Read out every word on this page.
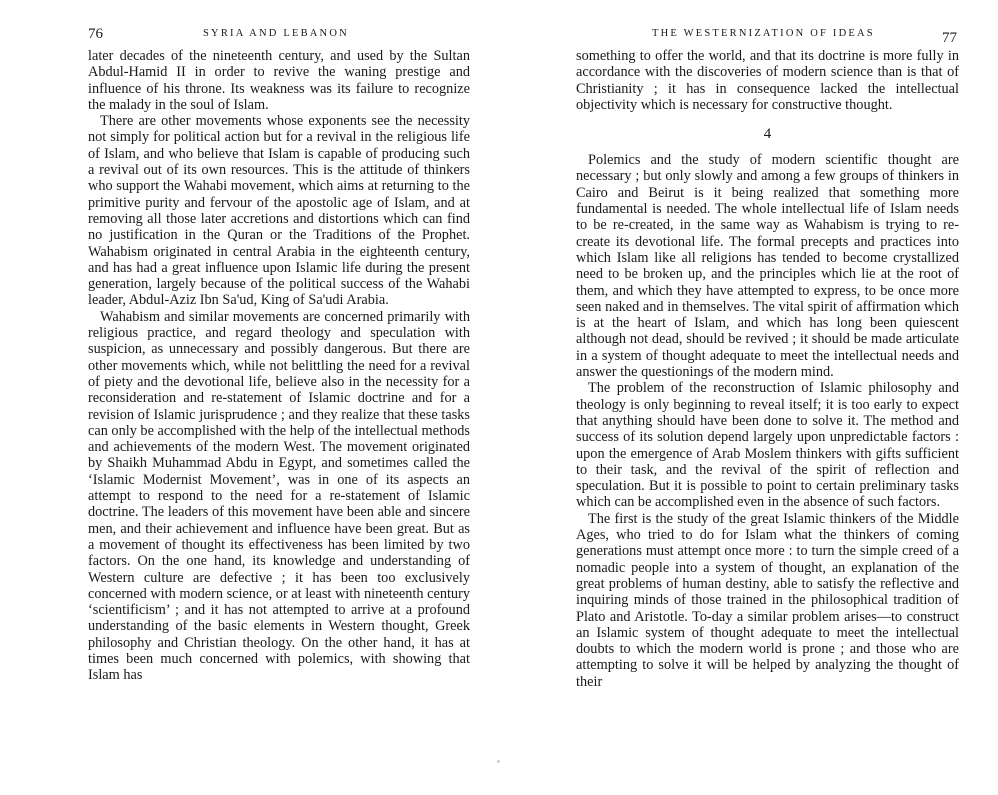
76	SYRIA AND LEBANON

later decades of the nineteenth century, and used by the Sultan Abdul-Hamid II in order to revive the waning prestige and influence of his throne. Its weakness was its failure to recognize the malady in the soul of Islam.

There are other movements whose exponents see the necessity not simply for political action but for a revival in the religious life of Islam, and who believe that Islam is capable of producing such a revival out of its own resources. This is the attitude of thinkers who support the Wahabi movement, which aims at returning to the primitive purity and fervour of the apostolic age of Islam, and at removing all those later accretions and distortions which can find no justification in the Quran or the Traditions of the Prophet. Wahabism originated in central Arabia in the eighteenth century, and has had a great influence upon Islamic life during the present generation, largely because of the political success of the Wahabi leader, Abdul-Aziz Ibn Sa'ud, King of Sa'udi Arabia.

Wahabism and similar movements are concerned primarily with religious practice, and regard theology and speculation with suspicion, as unnecessary and possibly dangerous. But there are other movements which, while not belittling the need for a revival of piety and the devotional life, believe also in the necessity for a reconsideration and re-statement of Islamic doctrine and for a revision of Islamic jurisprudence ; and they realize that these tasks can only be accomplished with the help of the intellectual methods and achievements of the modern West. The movement originated by Shaikh Muhammad Abdu in Egypt, and sometimes called the ‘Islamic Modernist Movement’, was in one of its aspects an attempt to respond to the need for a re-statement of Islamic doctrine. The leaders of this movement have been able and sincere men, and their achievement and influence have been great. But as a movement of thought its effectiveness has been limited by two factors. On the one hand, its knowledge and understanding of Western culture are defective ; it has been too exclusively concerned with modern science, or at least with nineteenth century ‘scientificism’ ; and it has not attempted to arrive at a profound understanding of the basic elements in Western thought, Greek philosophy and Christian theology. On the other hand, it has at times been much concerned with polemics, with showing that Islam has

THE WESTERNIZATION OF IDEAS	77

something to offer the world, and that its doctrine is more fully in accordance with the discoveries of modern science than is that of Christianity ; it has in consequence lacked the intellectual objectivity which is necessary for constructive thought.

4

Polemics and the study of modern scientific thought are necessary ; but only slowly and among a few groups of thinkers in Cairo and Beirut is it being realized that something more fundamental is needed. The whole intellectual life of Islam needs to be re-created, in the same way as Wahabism is trying to re-create its devotional life. The formal precepts and practices into which Islam like all religions has tended to become crystallized need to be broken up, and the principles which lie at the root of them, and which they have attempted to express, to be once more seen naked and in themselves. The vital spirit of affirmation which is at the heart of Islam, and which has long been quiescent although not dead, should be revived ; it should be made articulate in a system of thought adequate to meet the intellectual needs and answer the questionings of the modern mind.

The problem of the reconstruction of Islamic philosophy and theology is only beginning to reveal itself; it is too early to expect that anything should have been done to solve it. The method and success of its solution depend largely upon unpredictable factors : upon the emergence of Arab Moslem thinkers with gifts sufficient to their task, and the revival of the spirit of reflection and speculation. But it is possible to point to certain preliminary tasks which can be accomplished even in the absence of such factors.

The first is the study of the great Islamic thinkers of the Middle Ages, who tried to do for Islam what the thinkers of coming generations must attempt once more : to turn the simple creed of a nomadic people into a system of thought, an explanation of the great problems of human destiny, able to satisfy the reflective and inquiring minds of those trained in the philosophical tradition of Plato and Aristotle. To-day a similar problem arises—to construct an Islamic system of thought adequate to meet the intellectual doubts to which the modern world is prone ; and those who are attempting to solve it will be helped by analyzing the thought of their
